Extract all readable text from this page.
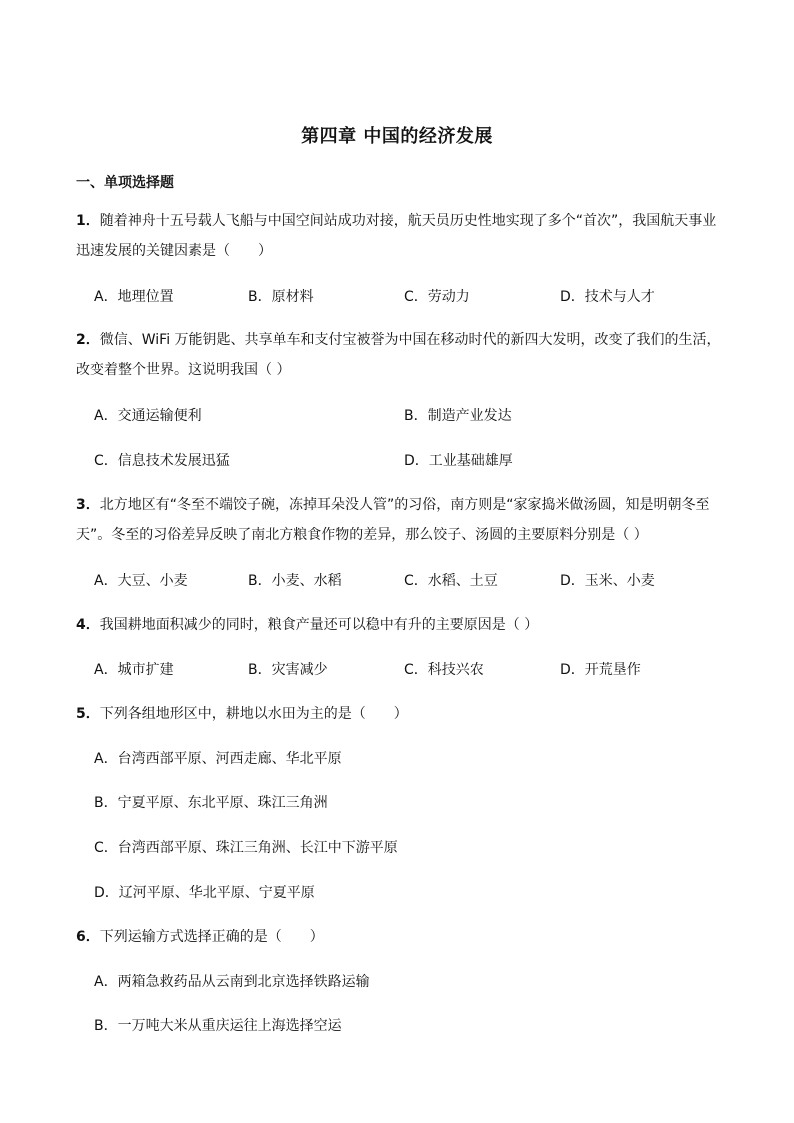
第四章 中国的经济发展
一、单项选择题
1．随着神舟十五号载人飞船与中国空间站成功对接，航天员历史性地实现了多个“首次”，我国航天事业迅速发展的关键因素是（　　）
A．地理位置	B．原材料	C．劳动力	D．技术与人才
2．微信、WiFi 万能钥匙、共享单车和支付宝被誉为中国在移动时代的新四大发明，改变了我们的生活，改变着整个世界。这说明我国（ ）
A．交通运输便利	B．制造产业发达
C．信息技术发展迅猛	D．工业基础雄厚
3．北方地区有“冬至不端饺子碗，冻掉耳朵没人管”的习俗，南方则是“家家捣米做汤圆，知是明朝冬至天”。冬至的习俗差异反映了南北方粮食作物的差异，那么饺子、汤圆的主要原料分别是（ ）
A．大豆、小麦	B．小麦、水稻	C．水稻、土豆	D．玉米、小麦
4．我国耕地面积减少的同时，粮食产量还可以稳中有升的主要原因是（ ）
A．城市扩建	B．灾害减少	C．科技兴农	D．开荒垦作
5．下列各组地形区中，耕地以水田为主的是（　　）
A．台湾西部平原、河西走廊、华北平原
B．宁夏平原、东北平原、珠江三角洲
C．台湾西部平原、珠江三角洲、长江中下游平原
D．辽河平原、华北平原、宁夏平原
6．下列运输方式选择正确的是（　　）
A．两箱急救药品从云南到北京选择铁路运输
B．一万吨大米从重庆运往上海选择空运
